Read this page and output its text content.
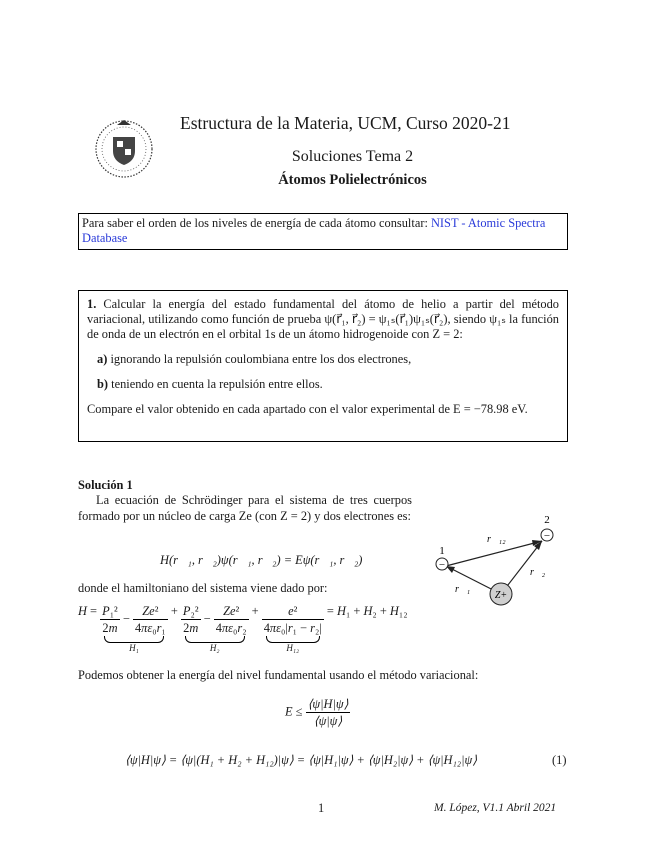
Estructura de la Materia, UCM, Curso 2020-21
Soluciones Tema 2
Átomos Polielectrónicos
Para saber el orden de los niveles de energía de cada átomo consultar: NIST - Atomic Spectra Database

1. Calcular la energía del estado fundamental del átomo de helio a partir del método variacional, utilizando como función de prueba ψ(r⃗₁, r⃗₂) = ψ₁ₛ(r⃗₁)ψ₁ₛ(r⃗₂), siendo ψ₁ₛ la función de onda de un electrón en el orbital 1s de un átomo hidrogenoide con Z = 2:

a) ignorando la repulsión coulombiana entre los dos electrones,

b) teniendo en cuenta la repulsión entre ellos.

Compare el valor obtenido en cada apartado con el valor experimental de E = −78.98 eV.

Solución 1
La ecuación de Schrödinger para el sistema de tres cuerpos formado por un núcleo de carga Ze (con Z = 2) y dos electrones es:
H(r⃗₁, r⃗₂)ψ(r⃗₁, r⃗₂) = Eψ(r⃗₁, r⃗₂)
Z+
−
−
1
2
r⃗₁
r⃗₂
r⃗₁₂
donde el hamiltoniano del sistema viene dado por:
$H = \frac{\text{P₁²}}{2m} - \frac{\text{Ze²}}{\text{4πε₀r₁}}$
H₁
+ $\frac{\text{P₂²}}{2m} - \frac{\text{Ze²}}{\text{4πε₀r₂}}$
H₂
+ $\frac{\text{e²}}{\text{4πε₀|r₁ − r₂|}}$
H₁₂
= H₁ + H₂ + H₁₂
Podemos obtener la energía del nivel fundamental usando el método variacional:
$E \le \frac{⟨\psi|H|\psi⟩}{⟨\psi|\psi⟩}$
⟨ψ|H|ψ⟩ = ⟨ψ|(H₁ + H₂ + H₁₂)|ψ⟩ = ⟨ψ|H₁|ψ⟩ + ⟨ψ|H₂|ψ⟩ + ⟨ψ|H₁₂|ψ⟩	(1)
1	M. López, V1.1 Abril 2021
